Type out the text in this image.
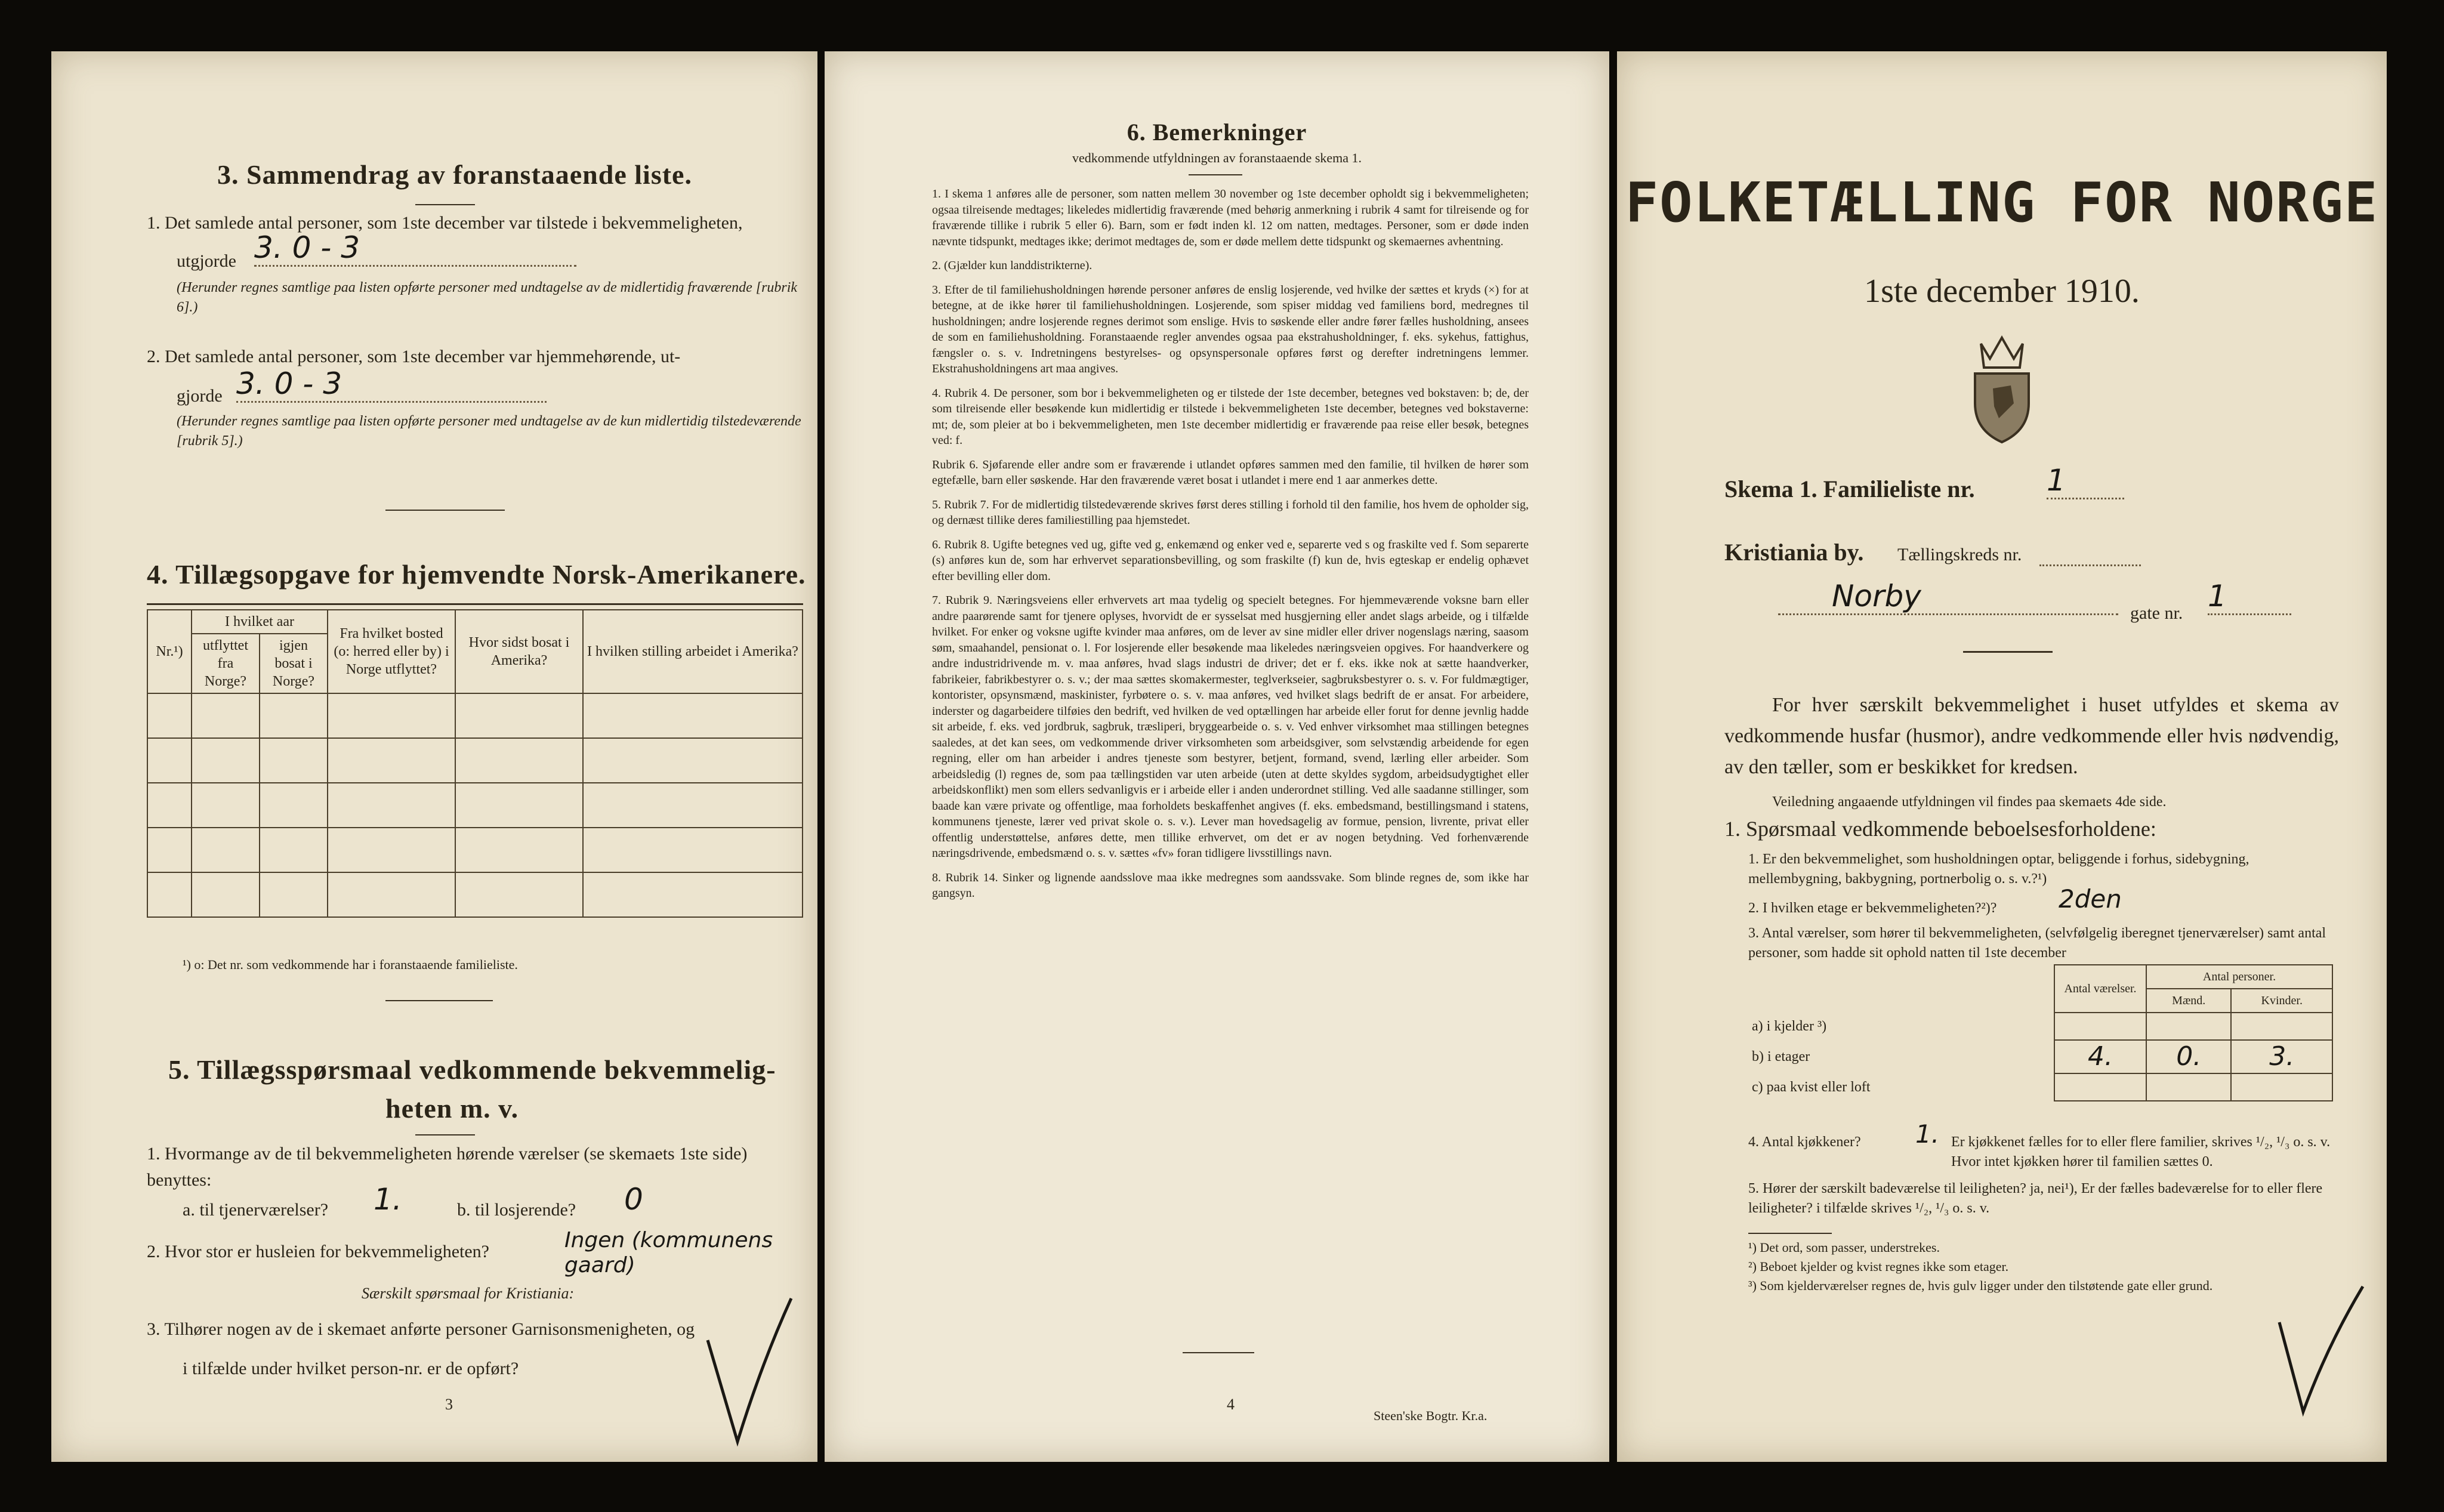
3. Sammendrag av foranstaaende liste.
1. Det samlede antal personer, som 1ste december var tilstede i bekvemmeligheten,
utgjorde 3. 0 - 3
(Herunder regnes samtlige paa listen opførte personer med undtagelse av de midlertidig fraværende [rubrik 6].)
2. Det samlede antal personer, som 1ste december var hjemmehørende, ut-
gjorde 3. 0 - 3
(Herunder regnes samtlige paa listen opførte personer med undtagelse av de kun midlertidig tilstedeværende [rubrik 5].)
4. Tillægsopgave for hjemvendte Norsk-Amerikanere.
Nr.¹)	I hvilket aar		Fra hvilket bosted (o: herred eller by) i Norge utflyttet?	Hvor sidst bosat i Amerika?	I hvilken stilling arbeidet i Amerika?
	utflyttet fra Norge?	igjen bosat i Norge?			

¹) o: Det nr. som vedkommende har i foranstaaende familieliste.
5. Tillægsspørsmaal vedkommende bekvemmelig-
heten m. v.
1. Hvormange av de til bekvemmeligheten hørende værelser (se skemaets 1ste side) benyttes:
a. til tjenerværelser? 1.	b. til losjerende? 0
2. Hvor stor er husleien for bekvemmeligheten?	Ingen (kommunens gaard)
Særskilt spørsmaal for Kristiania:
3. Tilhører nogen av de i skemaet anførte personer Garnisonsmenigheten, og
i tilfælde under hvilket person-nr. er de opført?
3
6. Bemerkninger
vedkommende utfyldningen av foranstaaende skema 1.

1. I skema 1 anføres alle de personer, som natten mellem 30 november og 1ste december opholdt sig i bekvemmeligheten; ogsaa tilreisende medtages; likeledes midlertidig fraværende (med behørig anmerkning i rubrik 4 samt for tilreisende og for fraværende tillike i rubrik 5 eller 6). Barn, som er født inden kl. 12 om natten, medtages. Personer, som er døde inden nævnte tidspunkt, medtages ikke; derimot medtages de, som er døde mellem dette tidspunkt og skemaernes avhentning.

2. (Gjælder kun landdistrikterne).

3. Efter de til familiehusholdningen hørende personer anføres de enslig losjerende, ved hvilke der sættes et kryds (×) for at betegne, at de ikke hører til familiehusholdningen. Losjerende, som spiser middag ved familiens bord, medregnes til husholdningen; andre losjerende regnes derimot som enslige. Hvis to søskende eller andre fører fælles husholdning, ansees de som en familiehusholdning. Foranstaaende regler anvendes ogsaa paa ekstrahusholdninger, f. eks. sykehus, fattighus, fængsler o. s. v. Indretningens bestyrelses- og opsynspersonale opføres først og derefter indretningens lemmer. Ekstrahusholdningens art maa angives.

4. Rubrik 4. De personer, som bor i bekvemmeligheten og er tilstede der 1ste december, betegnes ved bokstaven: b; de, der som tilreisende eller besøkende kun midlertidig er tilstede i bekvemmeligheten 1ste december, betegnes ved bokstaverne: mt; de, som pleier at bo i bekvemmeligheten, men 1ste december midlertidig er fraværende paa reise eller besøk, betegnes ved: f.

Rubrik 6. Sjøfarende eller andre som er fraværende i utlandet opføres sammen med den familie, til hvilken de hører som egtefælle, barn eller søskende. Har den fraværende været bosat i utlandet i mere end 1 aar anmerkes dette.

5. Rubrik 7. For de midlertidig tilstedeværende skrives først deres stilling i forhold til den familie, hos hvem de opholder sig, og dernæst tillike deres familiestilling paa hjemstedet.

6. Rubrik 8. Ugifte betegnes ved ug, gifte ved g, enkemænd og enker ved e, separerte ved s og fraskilte ved f. Som separerte (s) anføres kun de, som har erhvervet separationsbevilling, og som fraskilte (f) kun de, hvis egteskap er endelig ophævet efter bevilling eller dom.

7. Rubrik 9. Næringsveiens eller erhvervets art maa tydelig og specielt betegnes. For hjemmeværende voksne barn eller andre paarørende samt for tjenere oplyses, hvorvidt de er sysselsat med husgjerning eller andet slags arbeide, og i tilfælde hvilket. For enker og voksne ugifte kvinder maa anføres, om de lever av sine midler eller driver nogenslags næring, saasom søm, smaahandel, pensionat o. l. For losjerende eller besøkende maa likeledes næringsveien opgives. For haandverkere og andre industridrivende m. v. maa anføres, hvad slags industri de driver; det er f. eks. ikke nok at sætte haandverker, fabrikeier, fabrikbestyrer o. s. v.; der maa sættes skomakermester, teglverkseier, sagbruksbestyrer o. s. v. For fuldmægtiger, kontorister, opsynsmænd, maskinister, fyrbøtere o. s. v. maa anføres, ved hvilket slags bedrift de er ansat. For arbeidere, inderster og dagarbeidere tilføies den bedrift, ved hvilken de ved optællingen har arbeide eller forut for denne jevnlig hadde sit arbeide, f. eks. ved jordbruk, sagbruk, træsliperi, bryggearbeide o. s. v. Ved enhver virksomhet maa stillingen betegnes saaledes, at det kan sees, om vedkommende driver virksomheten som arbeidsgiver, som selvstændig arbeidende for egen regning, eller om han arbeider i andres tjeneste som bestyrer, betjent, formand, svend, lærling eller arbeider. Som arbeidsledig (l) regnes de, som paa tællingstiden var uten arbeide (uten at dette skyldes sygdom, arbeidsudygtighet eller arbeidskonflikt) men som ellers sedvanligvis er i arbeide eller i anden underordnet stilling. Ved alle saadanne stillinger, som baade kan være private og offentlige, maa forholdets beskaffenhet angives (f. eks. embedsmand, bestillingsmand i statens, kommunens tjeneste, lærer ved privat skole o. s. v.). Lever man hovedsagelig av formue, pension, livrente, privat eller offentlig understøttelse, anføres dette, men tillike erhvervet, om det er av nogen betydning. Ved forhenværende næringsdrivende, embedsmænd o. s. v. sættes «fv» foran tidligere livsstillings navn.

8. Rubrik 14. Sinker og lignende aandsslove maa ikke medregnes som aandssvake. Som blinde regnes de, som ikke har gangsyn.

4
Steen'ske Bogtr. Kr.a.
FOLKETÆLLING FOR NORGE
1ste december 1910.
Skema 1. Familieliste nr. 1
Kristiania by. Tællingskreds nr.
Norby	gate nr. 1
For hver særskilt bekvemmelighet i huset utfyldes et skema av vedkommende husfar (husmor), andre vedkommende eller hvis nødvendig, av den tæller, som er beskikket for kredsen.
Veiledning angaaende utfyldningen vil findes paa skemaets 4de side.
1. Spørsmaal vedkommende beboelsesforholdene:
1. Er den bekvemmelighet, som husholdningen optar, beliggende i forhus, sidebygning, mellembygning, bakbygning, portnerbolig o. s. v.?¹)
2. I hvilken etage er bekvemmeligheten?²)? 2den
3. Antal værelser, som hører til bekvemmeligheten, (selvfølgelig iberegnet tjenerværelser) samt antal personer, som hadde sit ophold natten til 1ste december
	Antal værelser.	Antal personer.	
		Mænd.	Kvinder.
a) i kjelder ³)			
b) i etager	4.	0.	3.
c) paa kvist eller loft			
4. Antal kjøkkener? 1. Er kjøkkenet fælles for to eller flere familier, skrives ¹/₂, ¹/₃ o. s. v. Hvor intet kjøkken hører til familien sættes 0.
5. Hører der særskilt badeværelse til leiligheten? ja, nei¹), Er der fælles badeværelse for to eller flere leiligheter? i tilfælde skrives ¹/₂, ¹/₃ o. s. v.
¹) Det ord, som passer, understrekes.
²) Beboet kjelder og kvist regnes ikke som etager.
³) Som kjelderværelser regnes de, hvis gulv ligger under den tilstøtende gate eller grund.
